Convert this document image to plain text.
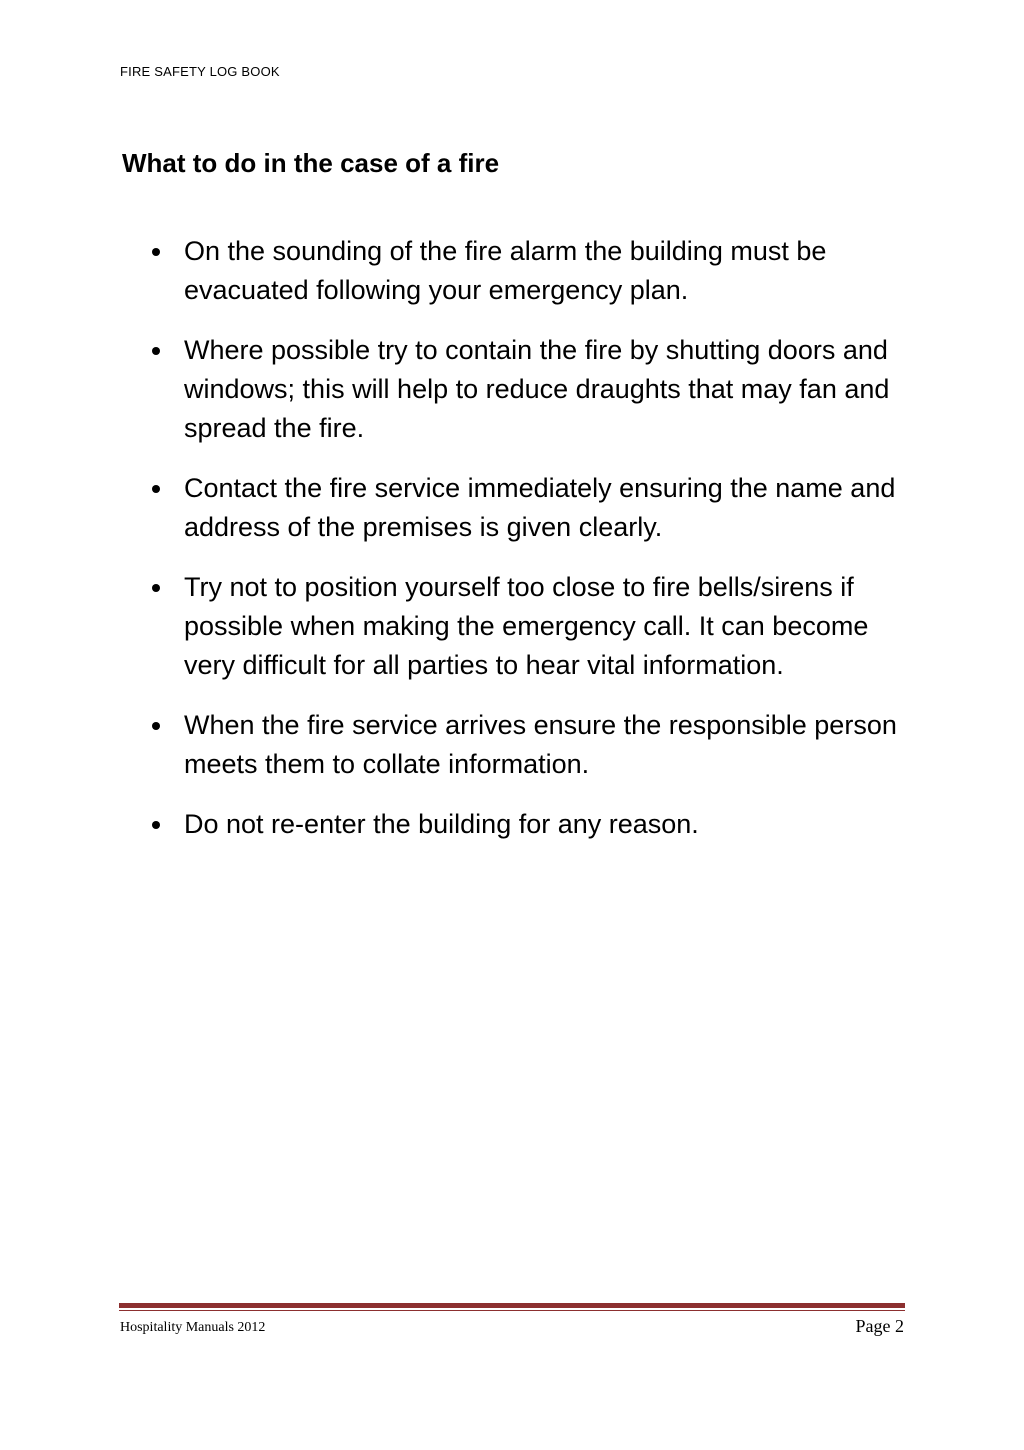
FIRE SAFETY LOG BOOK
What to do in the case of a fire
On the sounding of the fire alarm the building must be evacuated following your emergency plan.
Where possible try to contain the fire by shutting doors and windows; this will help to reduce draughts that may fan and spread the fire.
Contact the fire service immediately ensuring the name and address of the premises is given clearly.
Try not to position yourself too close to fire bells/sirens if possible when making the emergency call. It can become very difficult for all parties to hear vital information.
When the fire service arrives ensure the responsible person meets them to collate information.
Do not re-enter the building for any reason.
Hospitality Manuals 2012	Page 2
